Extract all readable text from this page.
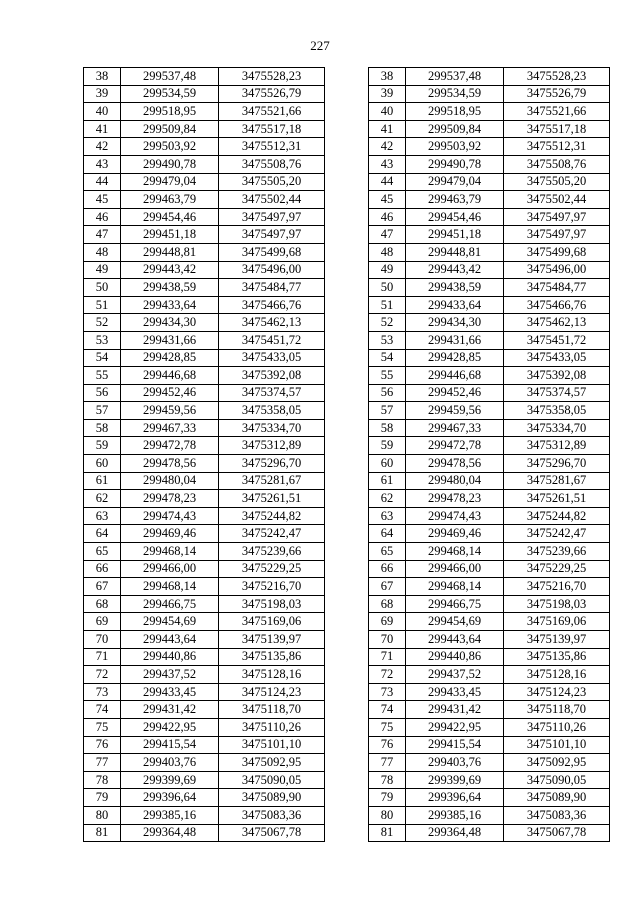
227
38	299537,48	3475528,23
39	299534,59	3475526,79
40	299518,95	3475521,66
41	299509,84	3475517,18
42	299503,92	3475512,31
43	299490,78	3475508,76
44	299479,04	3475505,20
45	299463,79	3475502,44
46	299454,46	3475497,97
47	299451,18	3475497,97
48	299448,81	3475499,68
49	299443,42	3475496,00
50	299438,59	3475484,77
51	299433,64	3475466,76
52	299434,30	3475462,13
53	299431,66	3475451,72
54	299428,85	3475433,05
55	299446,68	3475392,08
56	299452,46	3475374,57
57	299459,56	3475358,05
58	299467,33	3475334,70
59	299472,78	3475312,89
60	299478,56	3475296,70
61	299480,04	3475281,67
62	299478,23	3475261,51
63	299474,43	3475244,82
64	299469,46	3475242,47
65	299468,14	3475239,66
66	299466,00	3475229,25
67	299468,14	3475216,70
68	299466,75	3475198,03
69	299454,69	3475169,06
70	299443,64	3475139,97
71	299440,86	3475135,86
72	299437,52	3475128,16
73	299433,45	3475124,23
74	299431,42	3475118,70
75	299422,95	3475110,26
76	299415,54	3475101,10
77	299403,76	3475092,95
78	299399,69	3475090,05
79	299396,64	3475089,90
80	299385,16	3475083,36
81	299364,48	3475067,78
38	299537,48	3475528,23
39	299534,59	3475526,79
40	299518,95	3475521,66
41	299509,84	3475517,18
42	299503,92	3475512,31
43	299490,78	3475508,76
44	299479,04	3475505,20
45	299463,79	3475502,44
46	299454,46	3475497,97
47	299451,18	3475497,97
48	299448,81	3475499,68
49	299443,42	3475496,00
50	299438,59	3475484,77
51	299433,64	3475466,76
52	299434,30	3475462,13
53	299431,66	3475451,72
54	299428,85	3475433,05
55	299446,68	3475392,08
56	299452,46	3475374,57
57	299459,56	3475358,05
58	299467,33	3475334,70
59	299472,78	3475312,89
60	299478,56	3475296,70
61	299480,04	3475281,67
62	299478,23	3475261,51
63	299474,43	3475244,82
64	299469,46	3475242,47
65	299468,14	3475239,66
66	299466,00	3475229,25
67	299468,14	3475216,70
68	299466,75	3475198,03
69	299454,69	3475169,06
70	299443,64	3475139,97
71	299440,86	3475135,86
72	299437,52	3475128,16
73	299433,45	3475124,23
74	299431,42	3475118,70
75	299422,95	3475110,26
76	299415,54	3475101,10
77	299403,76	3475092,95
78	299399,69	3475090,05
79	299396,64	3475089,90
80	299385,16	3475083,36
81	299364,48	3475067,78
